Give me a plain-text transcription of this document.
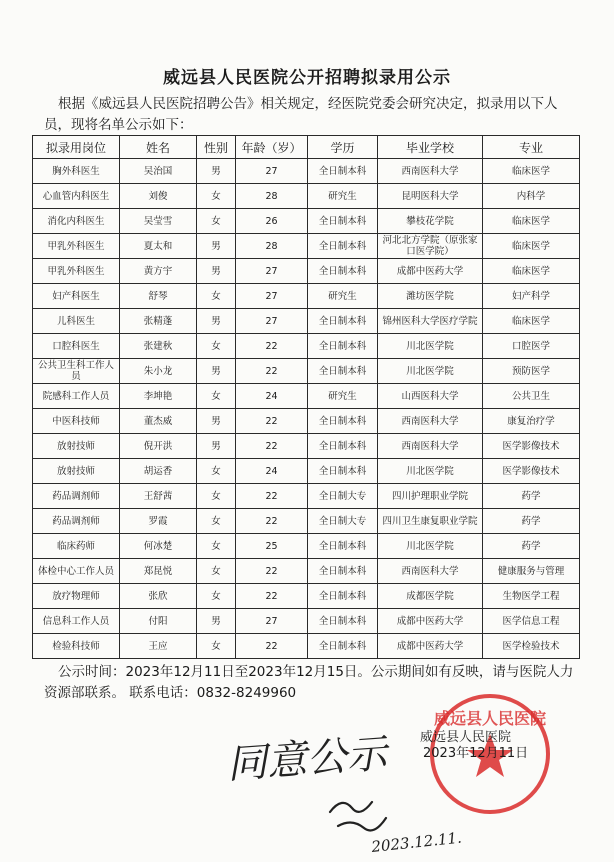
威远县人民医院公开招聘拟录用公示
根据《威远县人民医院招聘公告》相关规定，经医院党委会研究决定，拟录用以下人员，现将名单公示如下：
拟录用岗位	姓名	性别	年龄（岁）	学历	毕业学校	专业
胸外科医生	吴治国	男	27	全日制本科	西南医科大学	临床医学
心血管内科医生	刘俊	女	28	研究生	昆明医科大学	内科学
消化内科医生	吴莹雪	女	26	全日制本科	攀枝花学院	临床医学
甲乳外科医生	夏太和	男	28	全日制本科	河北北方学院（原张家口医学院）	临床医学
甲乳外科医生	黄方宇	男	27	全日制本科	成都中医药大学	临床医学
妇产科医生	舒琴	女	27	研究生	潍坊医学院	妇产科学
儿科医生	张精蓬	男	27	全日制本科	锦州医科大学医疗学院	临床医学
口腔科医生	张建秋	女	22	全日制本科	川北医学院	口腔医学
公共卫生科工作人员	朱小龙	男	22	全日制本科	川北医学院	预防医学
院感科工作人员	李坤艳	女	24	研究生	山西医科大学	公共卫生
中医科技师	董杰威	男	22	全日制本科	西南医科大学	康复治疗学
放射技师	倪开洪	男	22	全日制本科	西南医科大学	医学影像技术
放射技师	胡运香	女	24	全日制本科	川北医学院	医学影像技术
药品调剂师	王舒茜	女	22	全日制大专	四川护理职业学院	药学
药品调剂师	罗霞	女	22	全日制大专	四川卫生康复职业学院	药学
临床药师	何冰楚	女	25	全日制本科	川北医学院	药学
体检中心工作人员	郑昆悦	女	22	全日制本科	西南医科大学	健康服务与管理
放疗物理师	张欣	女	22	全日制本科	成都医学院	生物医学工程
信息科工作人员	付阳	男	27	全日制本科	成都中医药大学	医学信息工程
检验科技师	王应	女	22	全日制本科	成都中医药大学	医学检验技术
公示时间：2023年12月11日至2023年12月15日。公示期间如有反映，请与医院人力资源部联系。 联系电话：0832-8249960
威远县人民医院
威远县人民医院
2023年12月11日
同意公示
2023.12.11.
